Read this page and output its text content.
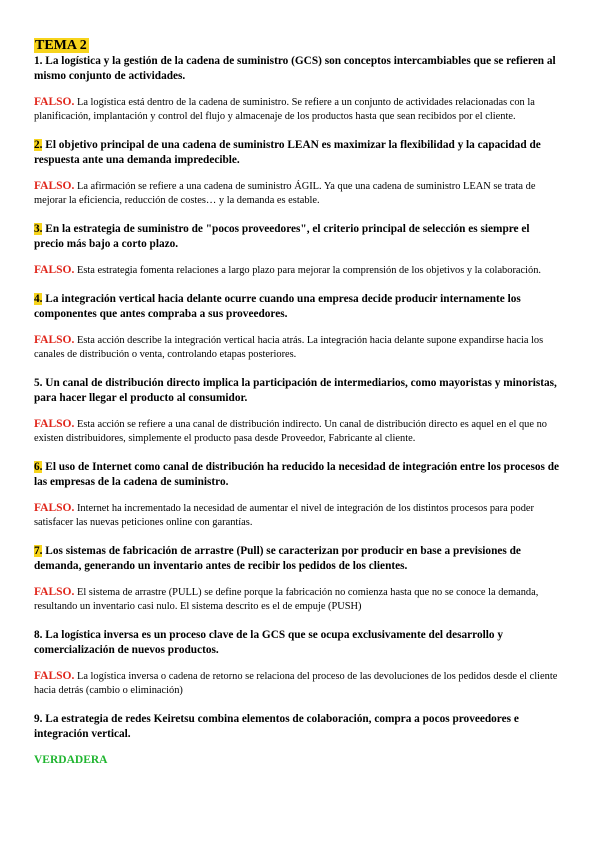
TEMA 2

1. La logística y la gestión de la cadena de suministro (GCS) son conceptos intercambiables que se refieren al mismo conjunto de actividades.

FALSO. La logística está dentro de la cadena de suministro. Se refiere a un conjunto de actividades relacionadas con la planificación, implantación y control del flujo y almacenaje de los productos hasta que sean recibidos por el cliente.

2. El objetivo principal de una cadena de suministro LEAN es maximizar la flexibilidad y la capacidad de respuesta ante una demanda impredecible.

FALSO. La afirmación se refiere a una cadena de suministro ÁGIL. Ya que una cadena de suministro LEAN se trata de mejorar la eficiencia, reducción de costes… y la demanda es estable.

3. En la estrategia de suministro de "pocos proveedores", el criterio principal de selección es siempre el precio más bajo a corto plazo.

FALSO. Esta estrategia fomenta relaciones a largo plazo para mejorar la comprensión de los objetivos y la colaboración.

4. La integración vertical hacia delante ocurre cuando una empresa decide producir internamente los componentes que antes compraba a sus proveedores.

FALSO. Esta acción describe la integración vertical hacia atrás. La integración hacia delante supone expandirse hacia los canales de distribución o venta, controlando etapas posteriores.

5. Un canal de distribución directo implica la participación de intermediarios, como mayoristas y minoristas, para hacer llegar el producto al consumidor.

FALSO. Esta acción se refiere a una canal de distribución indirecto. Un canal de distribución directo es aquel en el que no existen distribuidores, simplemente el producto pasa desde Proveedor, Fabricante al cliente.

6. El uso de Internet como canal de distribución ha reducido la necesidad de integración entre los procesos de las empresas de la cadena de suministro.

FALSO. Internet ha incrementado la necesidad de aumentar el nivel de integración de los distintos procesos para poder satisfacer las nuevas peticiones online con garantías.

7. Los sistemas de fabricación de arrastre (Pull) se caracterizan por producir en base a previsiones de demanda, generando un inventario antes de recibir los pedidos de los clientes.

FALSO. El sistema de arrastre (PULL) se define porque la fabricación no comienza hasta que no se conoce la demanda, resultando un inventario casi nulo. El sistema descrito es el de empuje (PUSH)

8. La logística inversa es un proceso clave de la GCS que se ocupa exclusivamente del desarrollo y comercialización de nuevos productos.

FALSO. La logística inversa o cadena de retorno se relaciona del proceso de las devoluciones de los pedidos desde el cliente hacia detrás (cambio o eliminación)

9. La estrategia de redes Keiretsu combina elementos de colaboración, compra a pocos proveedores e integración vertical.

VERDADERA
